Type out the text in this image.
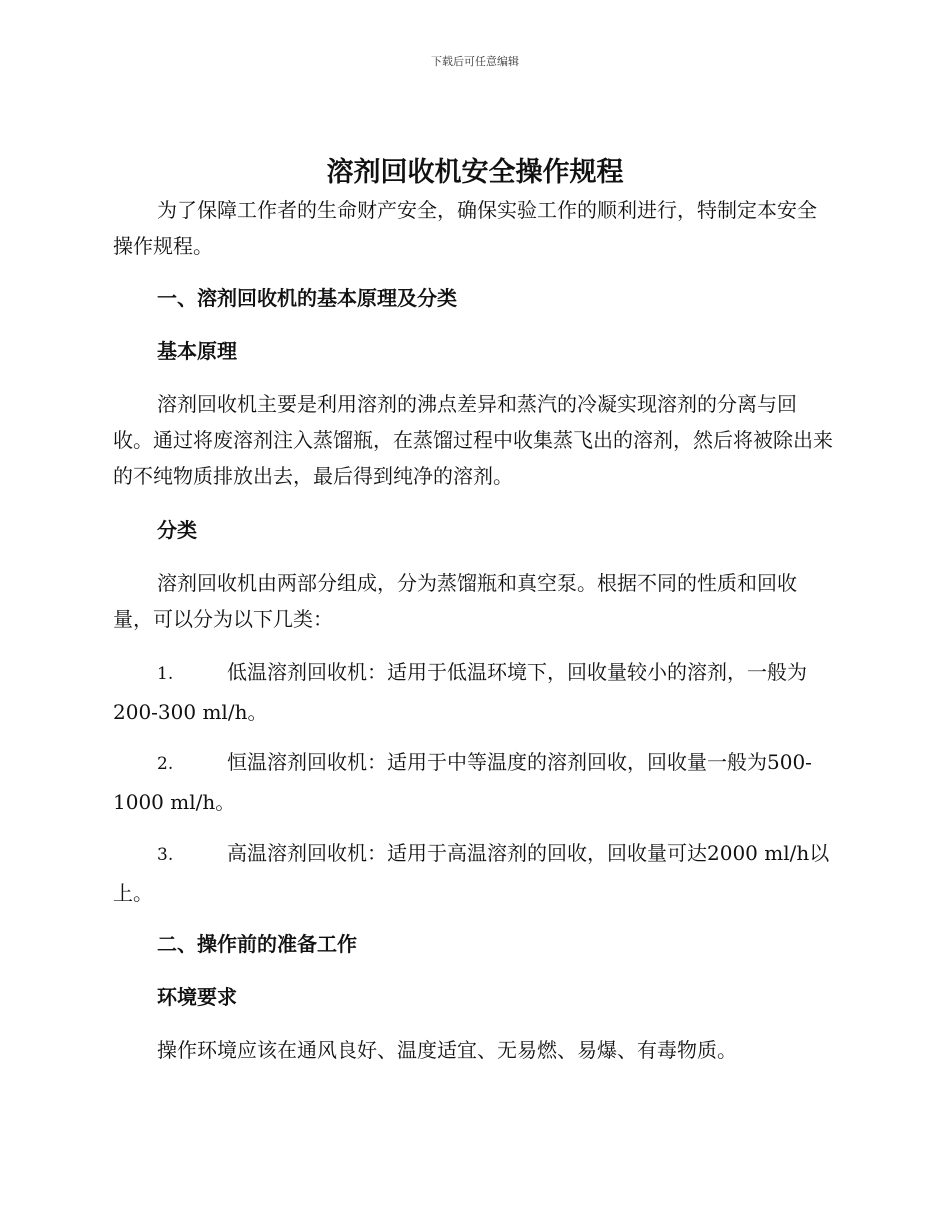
下载后可任意编辑
溶剂回收机安全操作规程

为了保障工作者的生命财产安全，确保实验工作的顺利进行，特制定本安全操作规程。

一、溶剂回收机的基本原理及分类
基本原理

溶剂回收机主要是利用溶剂的沸点差异和蒸汽的冷凝实现溶剂的分离与回收。通过将废溶剂注入蒸馏瓶，在蒸馏过程中收集蒸飞出的溶剂，然后将被除出来的不纯物质排放出去，最后得到纯净的溶剂。

分类

溶剂回收机由两部分组成，分为蒸馏瓶和真空泵。根据不同的性质和回收量，可以分为以下几类：

1.	低温溶剂回收机：适用于低温环境下，回收量较小的溶剂，一般为200-300 ml/h。

2.	恒温溶剂回收机：适用于中等温度的溶剂回收，回收量一般为500-1000 ml/h。

3.	高温溶剂回收机：适用于高温溶剂的回收，回收量可达2000 ml/h以上。

二、操作前的准备工作
环境要求

操作环境应该在通风良好、温度适宜、无易燃、易爆、有毒物质。
